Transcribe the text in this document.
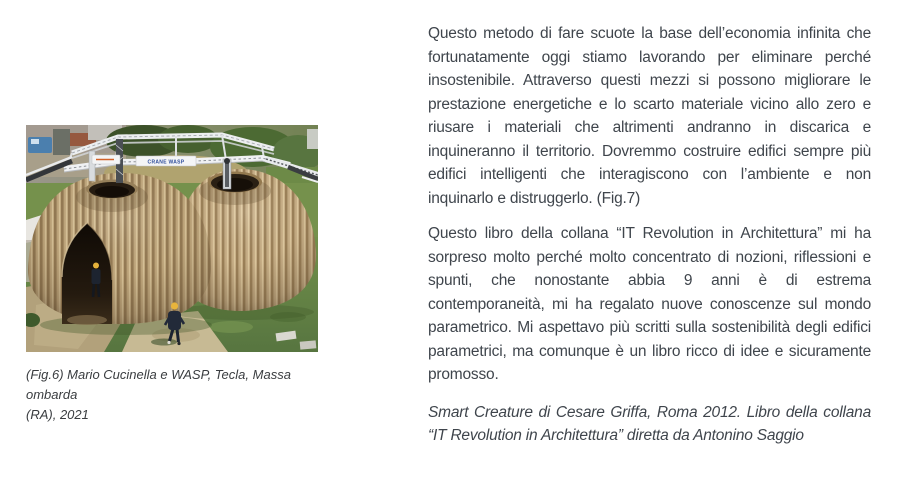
CRANE WASP
(Fig.6) Mario Cucinella e WASP, Tecla, Massa ombarda
(RA), 2021

Questo metodo di fare scuote la base dell’economia infinita che fortunatamente oggi stiamo lavorando per eliminare perché insostenibile. Attraverso questi mezzi si possono migliorare le prestazione energetiche e lo scarto materiale vicino allo zero e riusare i materiali che altrimenti andranno in discarica e inquineranno il territorio. Dovremmo costruire edifici sempre più edifici intelligenti che interagiscono con l’ambiente e non inquinarlo e distruggerlo. (Fig.7)

Questo libro della collana “IT Revolution in Architettura” mi ha sorpreso molto perché molto concentrato di nozioni, riflessioni e spunti, che nonostante abbia 9 anni è di estrema contemporaneità, mi ha regalato nuove conoscenze sul mondo parametrico. Mi aspettavo più scritti sulla sostenibilità degli edifici parametrici, ma comunque è un libro ricco di idee e sicuramente promosso.

Smart Creature di Cesare Griffa, Roma 2012. Libro della collana “IT Revolution in Architettura” diretta da Antonino Saggio
